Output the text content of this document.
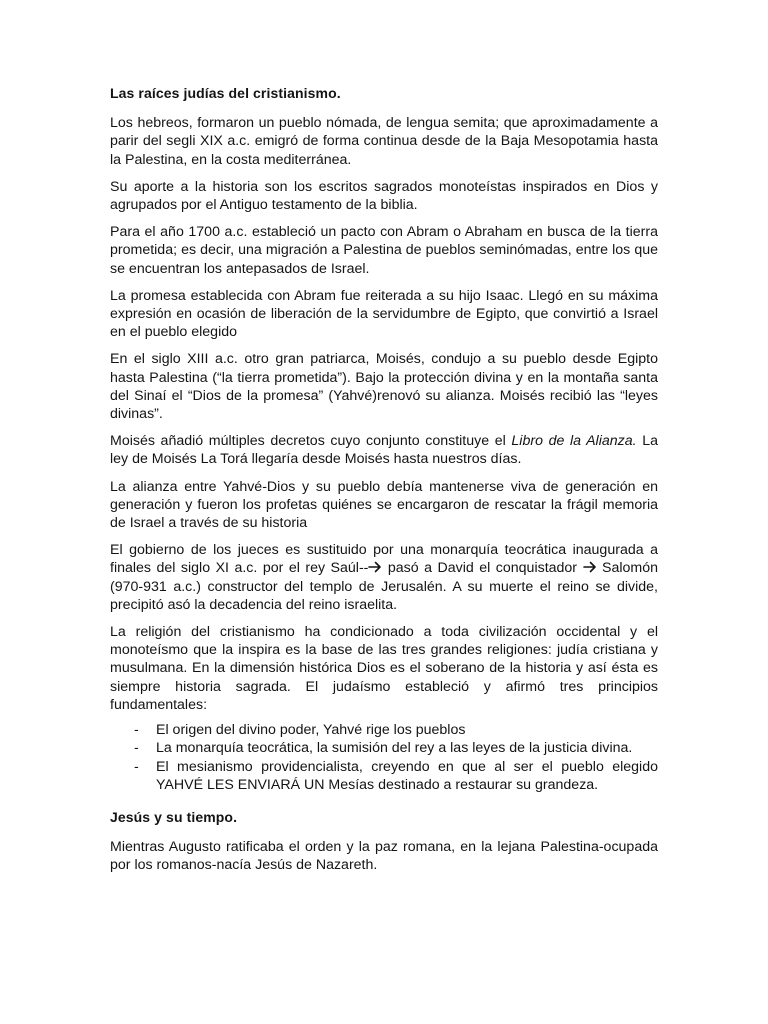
Las raíces judías del cristianismo.

Los hebreos, formaron un pueblo nómada, de lengua semita; que aproximadamente a parir del segli XIX a.c. emigró de forma continua desde de la Baja Mesopotamia hasta la Palestina, en la costa mediterránea.

Su aporte a la historia son los escritos sagrados monoteístas inspirados en Dios y agrupados por el Antiguo testamento de la biblia.

Para el año 1700 a.c. estableció un pacto con Abram o Abraham en busca de la tierra prometida; es decir, una migración a Palestina de pueblos seminómadas, entre los que se encuentran los antepasados de Israel.

La promesa establecida con Abram fue reiterada a su hijo Isaac. Llegó en su máxima expresión en ocasión de liberación de la servidumbre de Egipto, que convirtió a Israel en el pueblo elegido

En el siglo XIII a.c. otro gran patriarca, Moisés, condujo a su pueblo desde Egipto hasta Palestina (“la tierra prometida”). Bajo la protección divina y en la montaña santa del Sinaí el “Dios de la promesa” (Yahvé)renovó su alianza. Moisés recibió las “leyes divinas”.

Moisés añadió múltiples decretos cuyo conjunto constituye el Libro de la Alianza. La ley de Moisés La Torá llegaría desde Moisés hasta nuestros días.

La alianza entre Yahvé-Dios y su pueblo debía mantenerse viva de generación en generación y fueron los profetas quiénes se encargaron de rescatar la frágil memoria de Israel a través de su historia

El gobierno de los jueces es sustituido por una monarquía teocrática inaugurada a finales del siglo XI a.c. por el rey Saúl--
pasó a David el conquistador
Salomón (970-931 a.c.) constructor del templo de Jerusalén. A su muerte el reino se divide, precipitó asó la decadencia del reino israelita.

La religión del cristianismo ha condicionado a toda civilización occidental y el monoteísmo que la inspira es la base de las tres grandes religiones: judía cristiana y musulmana. En la dimensión histórica Dios es el soberano de la historia y así ésta es siempre historia sagrada. El judaísmo estableció y afirmó tres principios fundamentales:

- El origen del divino poder, Yahvé rige los pueblos
- La monarquía teocrática, la sumisión del rey a las leyes de la justicia divina.
- El mesianismo providencialista, creyendo en que al ser el pueblo elegido YAHVÉ LES ENVIARÁ UN Mesías destinado a restaurar su grandeza.
Jesús y su tiempo.

Mientras Augusto ratificaba el orden y la paz romana, en la lejana Palestina-ocupada por los romanos-nacía Jesús de Nazareth.
